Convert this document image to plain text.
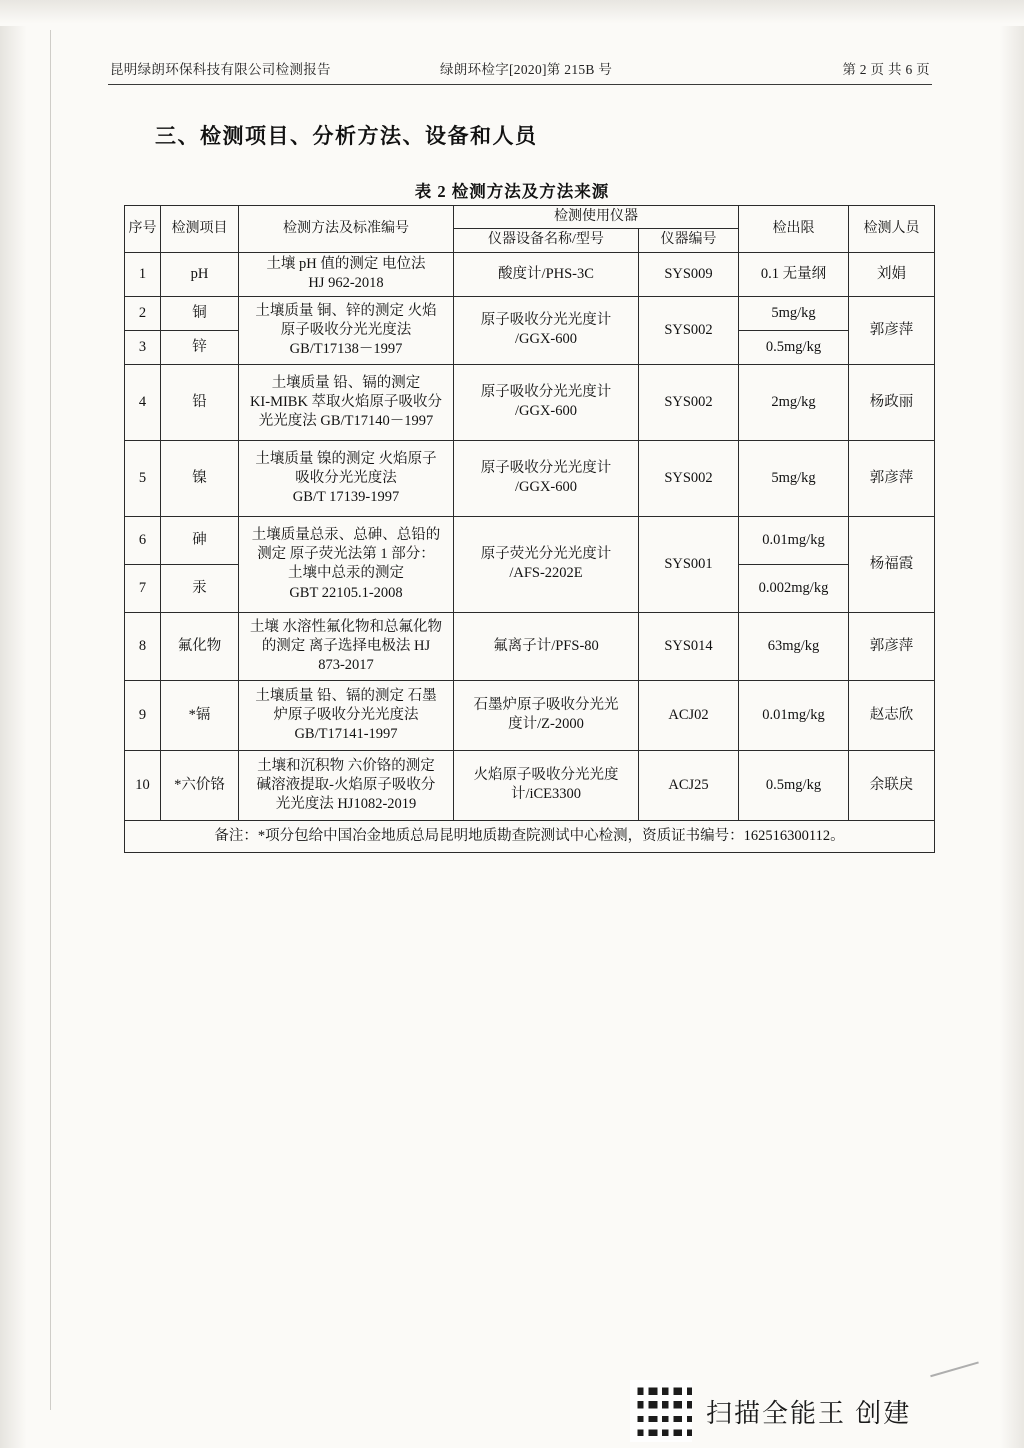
昆明绿朗环保科技有限公司检测报告	绿朗环检字[2020]第 215B 号	第 2 页 共 6 页
三、检测项目、分析方法、设备和人员
表 2 检测方法及方法来源
序号	检测项目	检测方法及标准编号	检测使用仪器		检出限	检测人员
			仪器设备名称/型号	仪器编号		
1	pH	土壤 pH 值的测定 电位法
HJ 962-2018	酸度计/PHS-3C	SYS009	0.1 无量纲	刘娟
2	铜	土壤质量 铜、锌的测定 火焰
原子吸收分光光度法
GB/T17138－1997	原子吸收分光光度计
/GGX-600	SYS002	5mg/kg	郭彦萍
3	锌				0.5mg/kg	
4	铅	土壤质量 铅、镉的测定
KI-MIBK 萃取火焰原子吸收分
光光度法 GB/T17140－1997	原子吸收分光光度计
/GGX-600	SYS002	2mg/kg	杨政丽
5	镍	土壤质量 镍的测定 火焰原子
吸收分光光度法
GB/T 17139-1997	原子吸收分光光度计
/GGX-600	SYS002	5mg/kg	郭彦萍
6	砷	土壤质量总汞、总砷、总铅的
测定 原子荧光法第 1 部分：
土壤中总汞的测定
GBT 22105.1-2008	原子荧光分光光度计
/AFS-2202E	SYS001	0.01mg/kg	杨福霞
7	汞				0.002mg/kg	
8	氟化物	土壤 水溶性氟化物和总氟化物
的测定 离子选择电极法 HJ
873-2017	氟离子计/PFS-80	SYS014	63mg/kg	郭彦萍
9	*镉	土壤质量 铅、镉的测定 石墨
炉原子吸收分光光度法
GB/T17141-1997	石墨炉原子吸收分光光
度计/Z-2000	ACJ02	0.01mg/kg	赵志欣
10	*六价铬	土壤和沉积物 六价铬的测定
碱溶液提取-火焰原子吸收分
光光度法 HJ1082-2019	火焰原子吸收分光光度
计/iCE3300	ACJ25	0.5mg/kg	余联戾
备注：*项分包给中国冶金地质总局昆明地质勘查院测试中心检测，资质证书编号：162516300112。						
扫描全能王 创建
